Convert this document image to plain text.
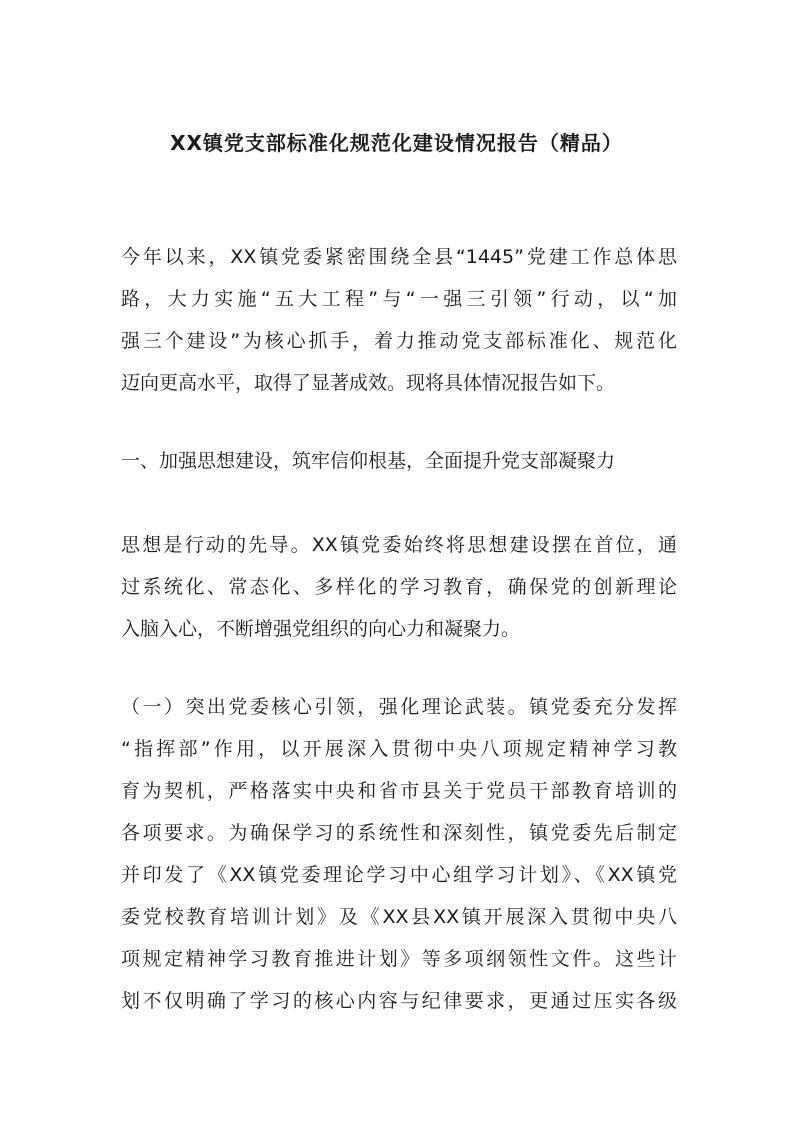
XX镇党支部标准化规范化建设情况报告（精品）
今年以来，XX镇党委紧密围绕全县“1445”党建工作总体思
路，大力实施“五大工程”与“一强三引领”行动，以“加
强三个建设”为核心抓手，着力推动党支部标准化、规范化
迈向更高水平，取得了显著成效。现将具体情况报告如下。
一、加强思想建设，筑牢信仰根基，全面提升党支部凝聚力
思想是行动的先导。XX镇党委始终将思想建设摆在首位，通
过系统化、常态化、多样化的学习教育，确保党的创新理论
入脑入心，不断增强党组织的向心力和凝聚力。
（一）突出党委核心引领，强化理论武装。镇党委充分发挥
“指挥部”作用，以开展深入贯彻中央八项规定精神学习教
育为契机，严格落实中央和省市县关于党员干部教育培训的
各项要求。为确保学习的系统性和深刻性，镇党委先后制定
并印发了《XX镇党委理论学习中心组学习计划》、《XX镇党
委党校教育培训计划》及《XX县XX镇开展深入贯彻中央八
项规定精神学习教育推进计划》等多项纲领性文件。这些计
划不仅明确了学习的核心内容与纪律要求，更通过压实各级
